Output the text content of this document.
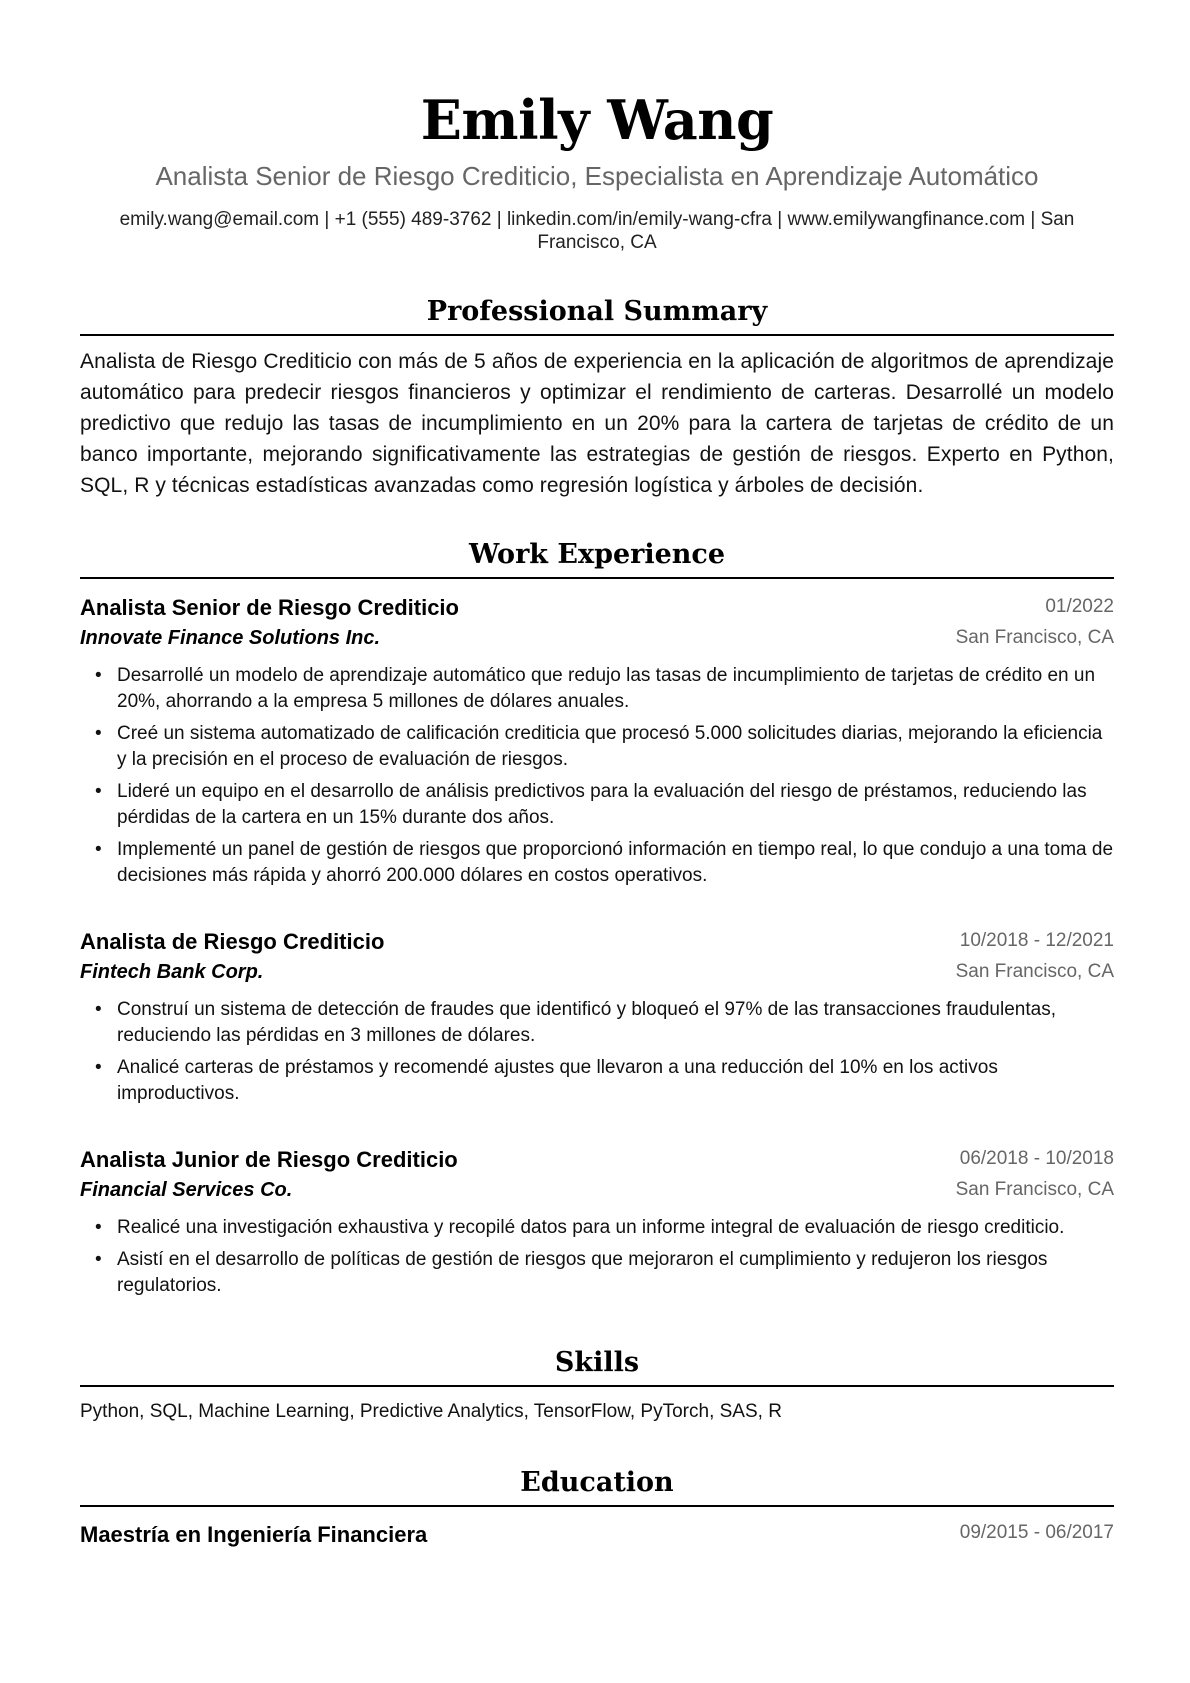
Emily Wang
Analista Senior de Riesgo Crediticio, Especialista en Aprendizaje Automático
emily.wang@email.com | +1 (555) 489-3762 | linkedin.com/in/emily-wang-cfra | www.emilywangfinance.com | San Francisco, CA
Professional Summary
Analista de Riesgo Crediticio con más de 5 años de experiencia en la aplicación de algoritmos de aprendizaje automático para predecir riesgos financieros y optimizar el rendimiento de carteras. Desarrollé un modelo predictivo que redujo las tasas de incumplimiento en un 20% para la cartera de tarjetas de crédito de un banco importante, mejorando significativamente las estrategias de gestión de riesgos. Experto en Python, SQL, R y técnicas estadísticas avanzadas como regresión logística y árboles de decisión.
Work Experience
Analista Senior de Riesgo Crediticio	01/2022
Innovate Finance Solutions Inc.	San Francisco, CA
• Desarrollé un modelo de aprendizaje automático que redujo las tasas de incumplimiento de tarjetas de crédito en un 20%, ahorrando a la empresa 5 millones de dólares anuales.
• Creé un sistema automatizado de calificación crediticia que procesó 5.000 solicitudes diarias, mejorando la eficiencia y la precisión en el proceso de evaluación de riesgos.
• Lideré un equipo en el desarrollo de análisis predictivos para la evaluación del riesgo de préstamos, reduciendo las pérdidas de la cartera en un 15% durante dos años.
• Implementé un panel de gestión de riesgos que proporcionó información en tiempo real, lo que condujo a una toma de decisiones más rápida y ahorró 200.000 dólares en costos operativos.
Analista de Riesgo Crediticio	10/2018 - 12/2021
Fintech Bank Corp.	San Francisco, CA
• Construí un sistema de detección de fraudes que identificó y bloqueó el 97% de las transacciones fraudulentas, reduciendo las pérdidas en 3 millones de dólares.
• Analicé carteras de préstamos y recomendé ajustes que llevaron a una reducción del 10% en los activos improductivos.
Analista Junior de Riesgo Crediticio	06/2018 - 10/2018
Financial Services Co.	San Francisco, CA
• Realicé una investigación exhaustiva y recopilé datos para un informe integral de evaluación de riesgo crediticio.
• Asistí en el desarrollo de políticas de gestión de riesgos que mejoraron el cumplimiento y redujeron los riesgos regulatorios.
Skills
Python, SQL, Machine Learning, Predictive Analytics, TensorFlow, PyTorch, SAS, R
Education
Maestría en Ingeniería Financiera	09/2015 - 06/2017
